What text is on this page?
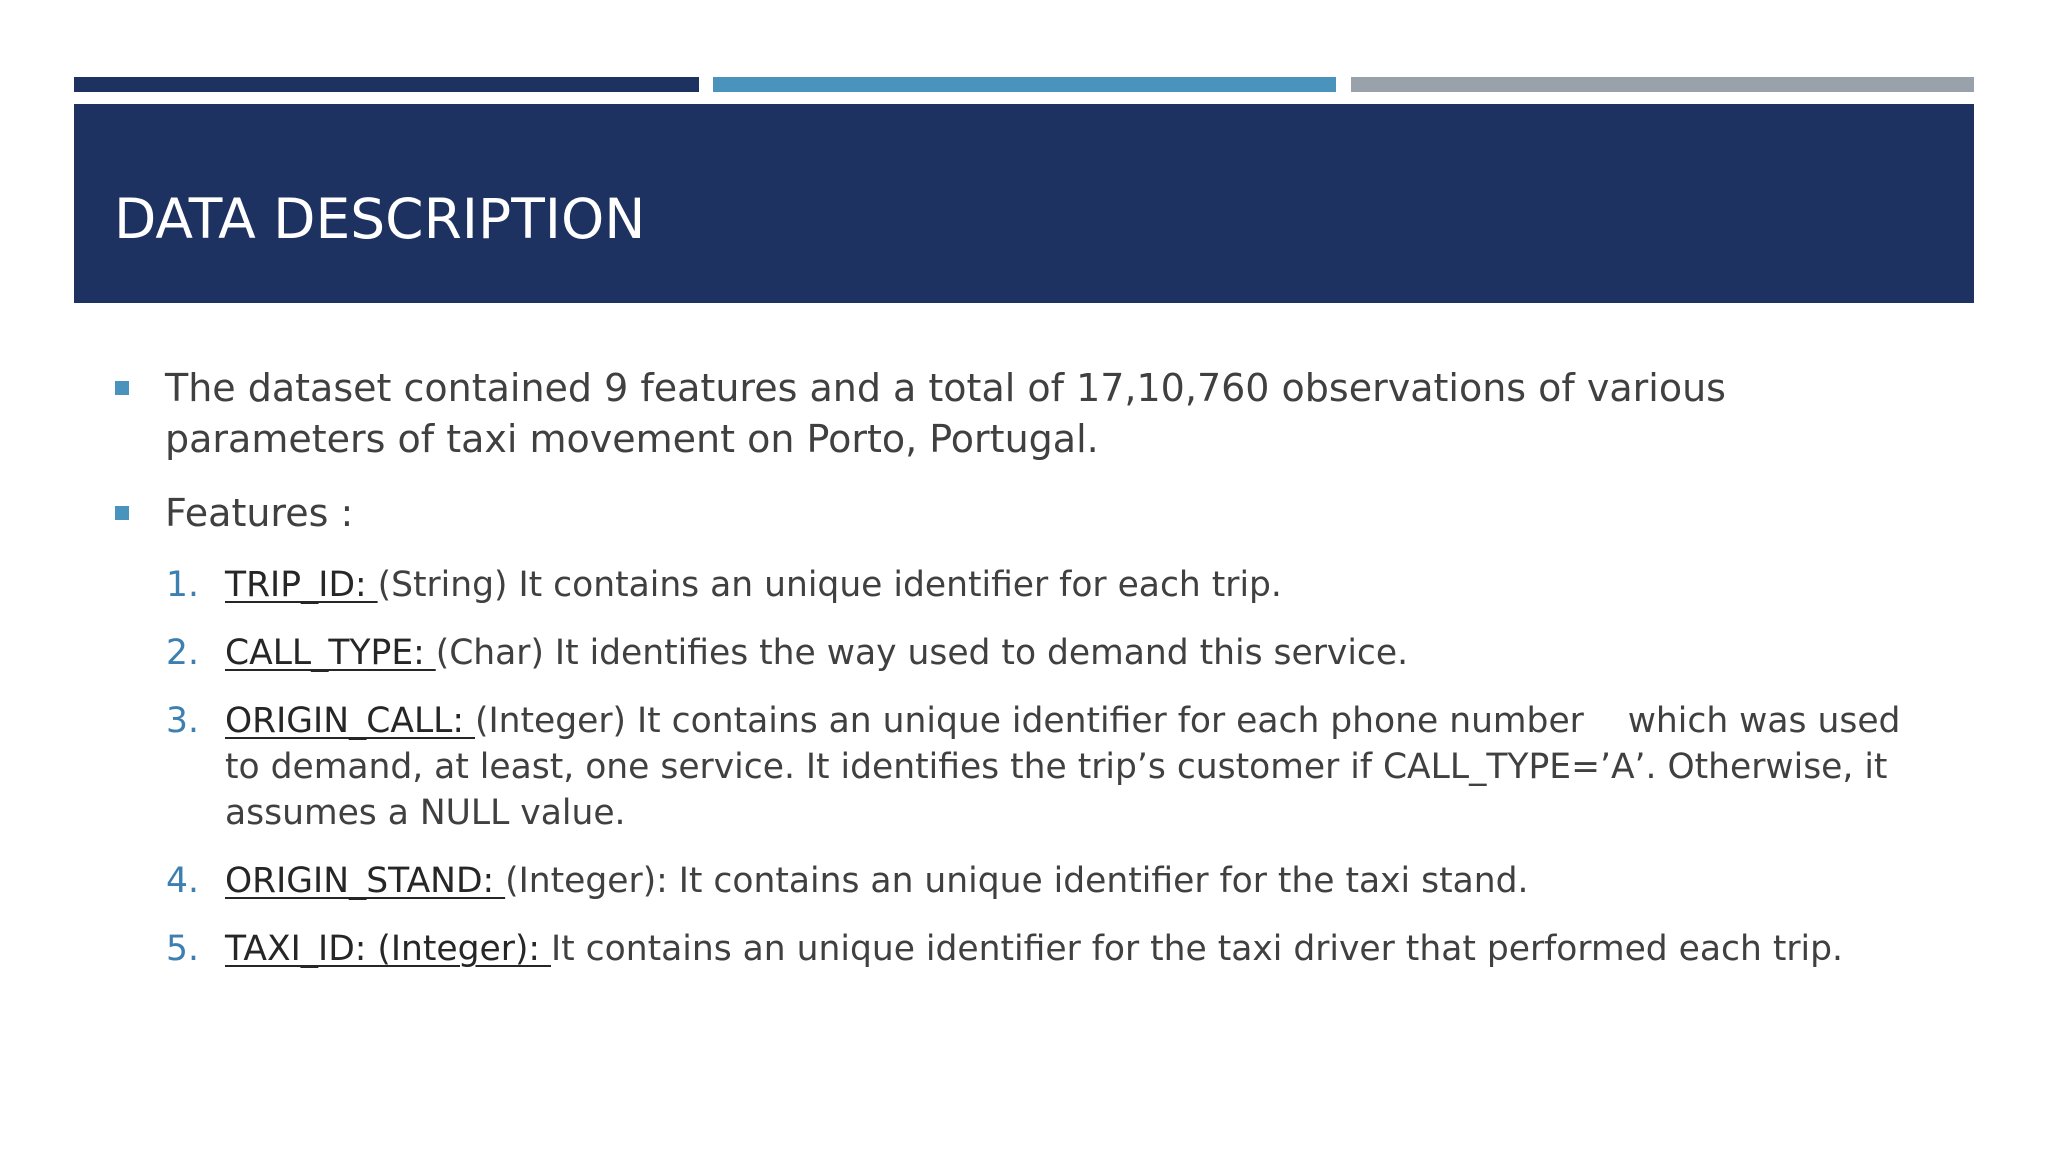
DATA DESCRIPTION
The dataset contained 9 features and a total of 17,10,760 observations of various parameters of taxi movement on Porto, Portugal.
Features :
1. TRIP_ID: (String) It contains an unique identifier for each trip.
2. CALL_TYPE: (Char) It identifies the way used to demand this service.
3. ORIGIN_CALL: (Integer) It contains an unique identifier for each phone number    which was used to demand, at least, one service. It identifies the trip’s customer if CALL_TYPE=’A’. Otherwise, it assumes a NULL value.
4. ORIGIN_STAND: (Integer): It contains an unique identifier for the taxi stand.
5. TAXI_ID: (Integer): It contains an unique identifier for the taxi driver that performed each trip.
